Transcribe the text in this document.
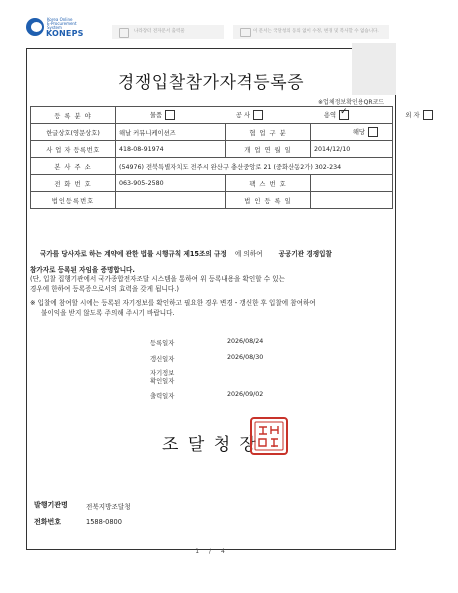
Korea Online E-Procurement System
KONEPS	나라장터 전자문서 출력물	이 문서는 국달청의 동의 없이 수정, 변경 및 복사할 수 없습니다.
경쟁입찰참가자격등록증
※업체정보확인용QR코드
등 록 분 야	물품 공 사 용역 ✓ 외 자
한글상호(영문상호)	해날 커뮤니케이션즈	협 업 구 분	해당
사 업 자 등록번호	418-08-91974	개 업 연 월 일	2014/12/10
본 사 주 소	(54976) 전북특별자치도 전주시 완산구 충산중앙로 21 (중화산동2가) 302-234		
전 화 번 호	063-905-2580	팩 스 번 호	
법인등록번호		법 인 등 록 일	
국가를 당사자로 하는 계약에 관한 법률 시행규칙 제15조의 규정 에 의하여 공공기관 경쟁입찰
참가자로 등록된 자임을 증명합니다.
(단, 입찰 집행기관에서 국가종합전자조달 시스템을 통하여 위 등록내용을 확인할 수 있는
경우에 한하여 등록증으로서의 효력을 갖게 됩니다.)
※ 입찰에 참여할 시에는 등록된 자기정보를 확인하고 필요한 경우 변경・갱신한 후 입찰에 참여하여
불이익을 받지 않도록 주의해 주시기 바랍니다.
등록일자	2026/08/24
갱신일자	2026/08/30
자기정보
확인일자
출력일자	2026/09/02
조 달 청 장
발행기관명	전북지방조달청
전화번호	1588-0800
1 / 4
